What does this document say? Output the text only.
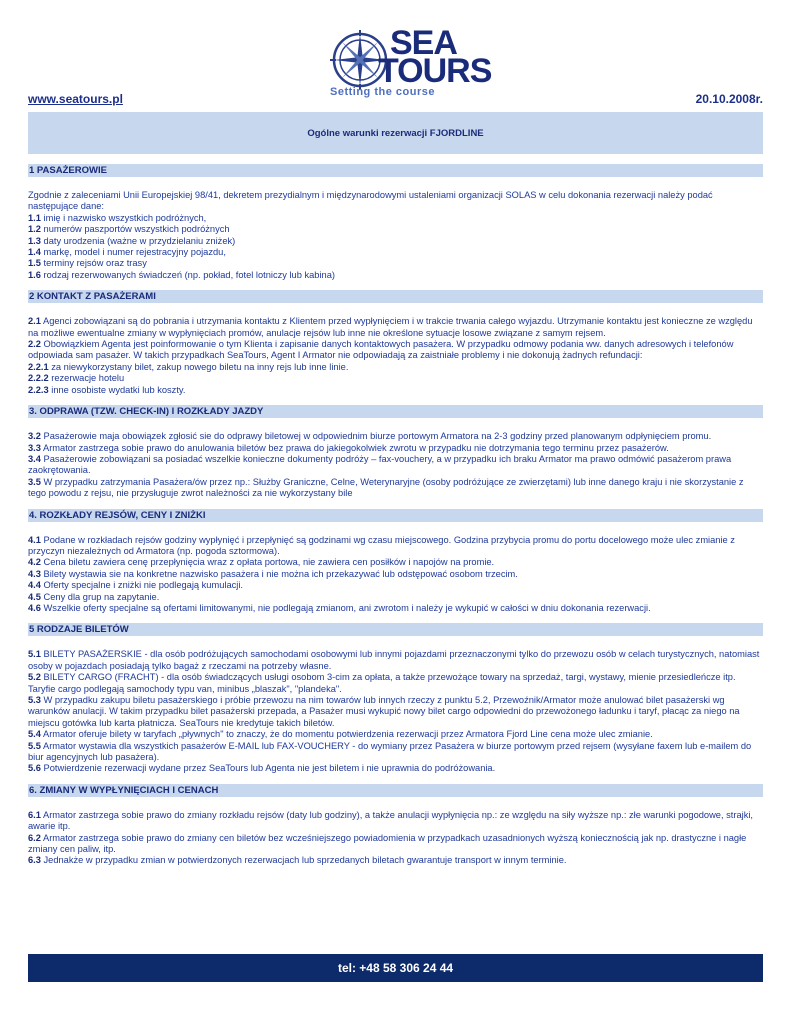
SEA
TOURS
Setting the course
www.seatours.pl	20.10.2008r.
Ogólne warunki rezerwacji FJORDLINE
1 PASAŻEROWIE

Zgodnie z zaleceniami Unii Europejskiej 98/41, dekretem prezydialnym i międzynarodowymi ustaleniami organizacji SOLAS w celu dokonania rezerwacji należy podać następujące dane:

1.1 imię i nazwisko wszystkich podróżnych,

1.2 numerów paszportów wszystkich podróżnych

1.3 daty urodzenia (ważne w przydzielaniu zniżek)

1.4 markę, model i numer rejestracyjny pojazdu,

1.5 terminy rejsów oraz trasy

1.6 rodzaj rezerwowanych świadczeń (np. pokład, fotel lotniczy lub kabina)

2 KONTAKT Z PASAŻERAMI

2.1 Agenci zobowiązani są do pobrania i utrzymania kontaktu z Klientem przed wypłynięciem i w trakcie trwania całego wyjazdu. Utrzymanie kontaktu jest konieczne ze względu na możliwe ewentualne zmiany w wypłynięciach promów, anulacje rejsów lub inne nie określone sytuacje losowe związane z samym rejsem.

2.2 Obowiązkiem Agenta jest poinformowanie o tym Klienta i zapisanie danych kontaktowych pasażera. W przypadku odmowy podania ww. danych adresowych i telefonów odpowiada sam pasażer. W takich przypadkach SeaTours, Agent I Armator nie odpowiadają za zaistniałe problemy i nie dokonują żadnych refundacji:

2.2.1 za niewykorzystany bilet, zakup nowego biletu na inny rejs lub inne linie.

2.2.2 rezerwacje hotelu

2.2.3 inne osobiste wydatki lub koszty.

3. ODPRAWA (TZW. CHECK-IN) I ROZKŁADY JAZDY

3.2 Pasażerowie maja obowiązek zgłosić sie do odprawy biletowej w odpowiednim biurze portowym Armatora na 2-3 godziny przed planowanym odpłynięciem promu.

3.3 Armator zastrzega sobie prawo do anulowania biletów bez prawa do jakiegokolwiek zwrotu w przypadku nie dotrzymania tego terminu przez pasażerów.

3.4 Pasażerowie zobowiązani sa posiadać wszelkie konieczne dokumenty podróży – fax-vouchery, a w przypadku ich braku Armator ma prawo odmówić pasażerom prawa zaokrętowania.

3.5 W przypadku zatrzymania Pasażera/ów przez np.: Służby Graniczne, Celne, Weterynaryjne (osoby podróżujące ze zwierzętami) lub inne danego kraju i nie skorzystanie z tego powodu z rejsu, nie przysługuje zwrot należności za nie wykorzystany bile

4. ROZKŁADY REJSÓW, CENY I ZNIŻKI

4.1 Podane w rozkładach rejsów godziny wypłynięć i przepłynięć są godzinami wg czasu miejscowego. Godzina przybycia promu do portu docelowego może ulec zmianie z przyczyn niezależnych od Armatora (np. pogoda sztormowa).

4.2 Cena biletu zawiera cenę przepłynięcia wraz z opłata portowa, nie zawiera cen posiłków i napojów na promie.

4.3 Bilety wystawia sie na konkretne nazwisko pasażera i nie można ich przekazywać lub odstępować osobom trzecim.

4.4 Oferty specjalne i zniżki nie podlegają kumulacji.

4.5 Ceny dla grup na zapytanie.

4.6 Wszelkie oferty specjalne są ofertami limitowanymi, nie podlegają zmianom, ani zwrotom i należy je wykupić w całości w dniu dokonania rezerwacji.

5 RODZAJE BILETÓW

5.1 BILETY PASAŻERSKIE - dla osób podróżujących samochodami osobowymi lub innymi pojazdami przeznaczonymi tylko do przewozu osób w celach turystycznych, natomiast osoby w pojazdach posiadają tylko bagaż z rzeczami na potrzeby własne.

5.2 BILETY CARGO (FRACHT) - dla osób świadczących usługi osobom 3-cim za opłata, a także przewożące towary na sprzedaż, targi, wystawy, mienie przesiedleńcze itp. Taryfie cargo podlegają samochody typu van, minibus „blaszak", "plandeka".

5.3 W przypadku zakupu biletu pasażerskiego i próbie przewozu na nim towarów lub innych rzeczy z punktu 5.2, Przewoźnik/Armator może anulować bilet pasażerski wg warunków anulacji. W takim przypadku bilet pasażerski przepada, a Pasażer musi wykupić nowy bilet cargo odpowiedni do przewożonego ładunku i taryf, płacąc za niego na miejscu gotówka lub karta płatnicza. SeaTours nie kredytuje takich biletów.

5.4 Armator oferuje bilety w taryfach „pływnych" to znaczy, że do momentu potwierdzenia rezerwacji przez Armatora Fjord Line cena może ulec zmianie.

5.5 Armator wystawia dla wszystkich pasażerów E-MAIL lub FAX-VOUCHERY - do wymiany przez Pasażera w biurze portowym przed rejsem (wysyłane faxem lub e-mailem do biur agencyjnych lub pasażera).

5.6 Potwierdzenie rezerwacji wydane przez SeaTours lub Agenta nie jest biletem i nie uprawnia do podróżowania.

6. ZMIANY W WYPŁYNIĘCIACH I CENACH

6.1 Armator zastrzega sobie prawo do zmiany rozkładu rejsów (daty lub godziny), a także anulacji wypłynięcia np.: ze względu na siły wyższe np.: złe warunki pogodowe, strajki, awarie itp.

6.2 Armator zastrzega sobie prawo do zmiany cen biletów bez wcześniejszego powiadomienia w przypadkach uzasadnionych wyższą koniecznością jak np. drastyczne i nagłe zmiany cen paliw, itp.

6.3 Jednakże w przypadku zmian w potwierdzonych rezerwacjach lub sprzedanych biletach gwarantuje transport w innym terminie.

tel: +48 58 306 24 44
